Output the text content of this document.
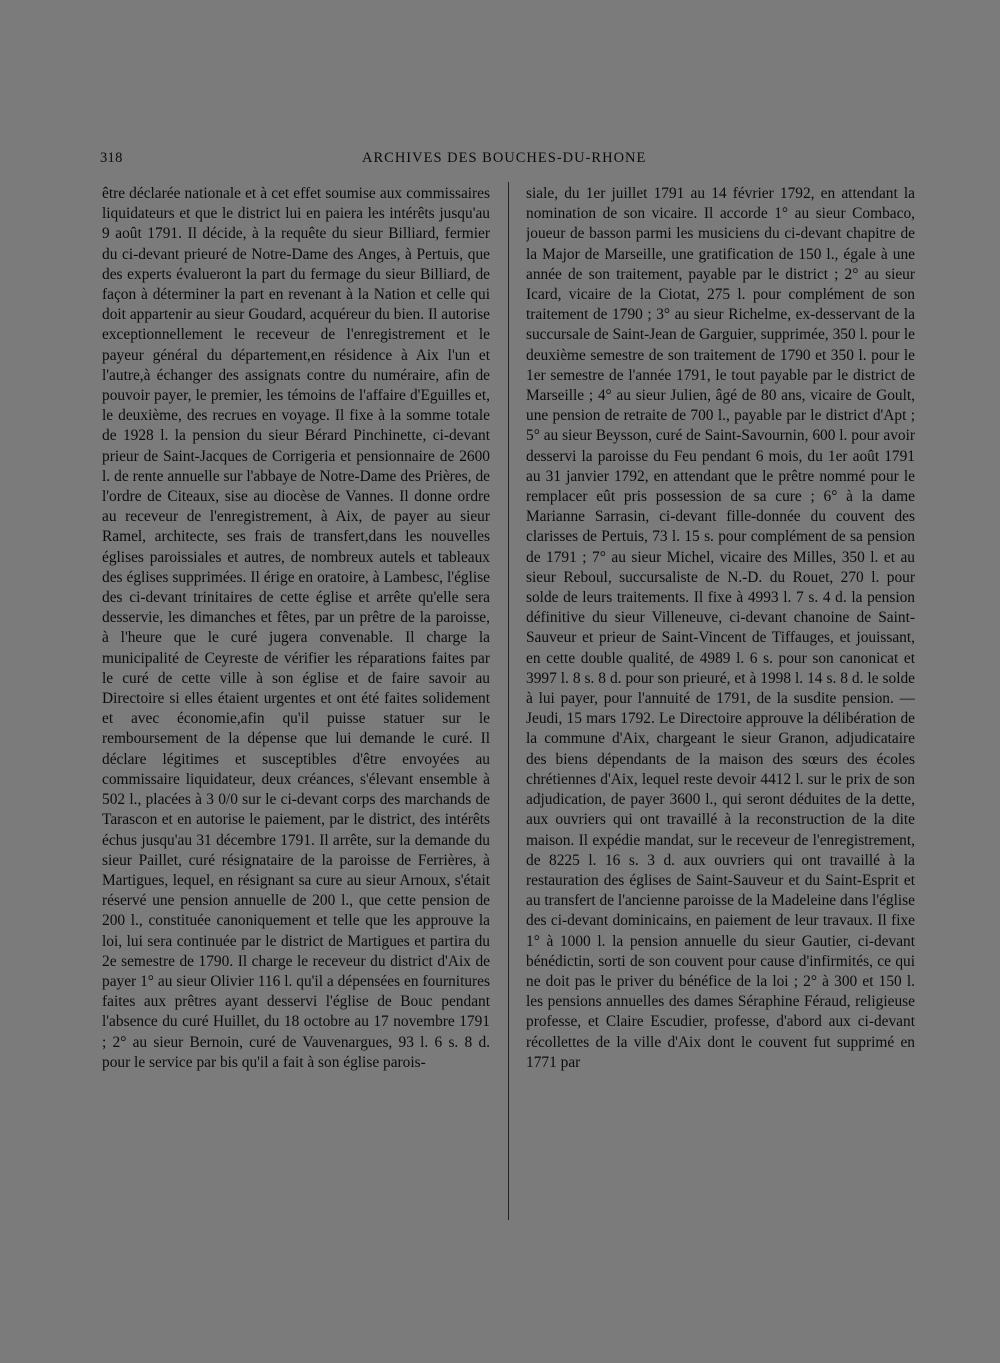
318	ARCHIVES DES BOUCHES-DU-RHONE

être déclarée nationale et à cet effet soumise aux commissaires liquidateurs et que le district lui en paiera les intérêts jusqu'au 9 août 1791. Il décide, à la requête du sieur Billiard, fermier du ci-devant prieuré de Notre-Dame des Anges, à Pertuis, que des experts évalueront la part du fermage du sieur Billiard, de façon à déterminer la part en revenant à la Nation et celle qui doit appartenir au sieur Goudard, acquéreur du bien. Il autorise exceptionnellement le receveur de l'enregistrement et le payeur général du département,en résidence à Aix l'un et l'autre,à échanger des assignats contre du numéraire, afin de pouvoir payer, le premier, les témoins de l'affaire d'Eguilles et, le deuxième, des recrues en voyage. Il fixe à la somme totale de 1928 l. la pension du sieur Bérard Pinchinette, ci-devant prieur de Saint-Jacques de Corrigeria et pensionnaire de 2600 l. de rente annuelle sur l'abbaye de Notre-Dame des Prières, de l'ordre de Citeaux, sise au diocèse de Vannes. Il donne ordre au receveur de l'enregistrement, à Aix, de payer au sieur Ramel, architecte, ses frais de transfert,dans les nouvelles églises paroissiales et autres, de nombreux autels et tableaux des églises supprimées. Il érige en oratoire, à Lambesc, l'église des ci-devant trinitaires de cette église et arrête qu'elle sera desservie, les dimanches et fêtes, par un prêtre de la paroisse, à l'heure que le curé jugera convenable. Il charge la municipalité de Ceyreste de vérifier les réparations faites par le curé de cette ville à son église et de faire savoir au Directoire si elles étaient urgentes et ont été faites solidement et avec économie,afin qu'il puisse statuer sur le remboursement de la dépense que lui demande le curé. Il déclare légitimes et susceptibles d'être envoyées au commissaire liquidateur, deux créances, s'élevant ensemble à 502 l., placées à 3 0/0 sur le ci-devant corps des marchands de Tarascon et en autorise le paiement, par le district, des intérêts échus jusqu'au 31 décembre 1791. Il arrête, sur la demande du sieur Paillet, curé résignataire de la paroisse de Ferrières, à Martigues, lequel, en résignant sa cure au sieur Arnoux, s'était réservé une pension annuelle de 200 l., que cette pension de 200 l., constituée canoniquement et telle que les approuve la loi, lui sera continuée par le district de Martigues et partira du 2e semestre de 1790. Il charge le receveur du district d'Aix de payer 1° au sieur Olivier 116 l. qu'il a dépensées en fournitures faites aux prêtres ayant desservi l'église de Bouc pendant l'absence du curé Huillet, du 18 octobre au 17 novembre 1791 ; 2° au sieur Bernoin, curé de Vauvenargues, 93 l. 6 s. 8 d. pour le service par bis qu'il a fait à son église parois-

siale, du 1er juillet 1791 au 14 février 1792, en attendant la nomination de son vicaire. Il accorde 1° au sieur Combaco, joueur de basson parmi les musiciens du ci-devant chapitre de la Major de Marseille, une gratification de 150 l., égale à une année de son traitement, payable par le district ; 2° au sieur Icard, vicaire de la Ciotat, 275 l. pour complément de son traitement de 1790 ; 3° au sieur Richelme, ex-desservant de la succursale de Saint-Jean de Garguier, supprimée, 350 l. pour le deuxième semestre de son traitement de 1790 et 350 l. pour le 1er semestre de l'année 1791, le tout payable par le district de Marseille ; 4° au sieur Julien, âgé de 80 ans, vicaire de Goult, une pension de retraite de 700 l., payable par le district d'Apt ; 5° au sieur Beysson, curé de Saint-Savournin, 600 l. pour avoir desservi la paroisse du Feu pendant 6 mois, du 1er août 1791 au 31 janvier 1792, en attendant que le prêtre nommé pour le remplacer eût pris possession de sa cure ; 6° à la dame Marianne Sarrasin, ci-devant fille-donnée du couvent des clarisses de Pertuis, 73 l. 15 s. pour complément de sa pension de 1791 ; 7° au sieur Michel, vicaire des Milles, 350 l. et au sieur Reboul, succursaliste de N.-D. du Rouet, 270 l. pour solde de leurs traitements. Il fixe à 4993 l. 7 s. 4 d. la pension définitive du sieur Villeneuve, ci-devant chanoine de Saint-Sauveur et prieur de Saint-Vincent de Tiffauges, et jouissant, en cette double qualité, de 4989 l. 6 s. pour son canonicat et 3997 l. 8 s. 8 d. pour son prieuré, et à 1998 l. 14 s. 8 d. le solde à lui payer, pour l'annuité de 1791, de la susdite pension. — Jeudi, 15 mars 1792. Le Directoire approuve la délibération de la commune d'Aix, chargeant le sieur Granon, adjudicataire des biens dépendants de la maison des sœurs des écoles chrétiennes d'Aix, lequel reste devoir 4412 l. sur le prix de son adjudication, de payer 3600 l., qui seront déduites de la dette, aux ouvriers qui ont travaillé à la reconstruction de la dite maison. Il expédie mandat, sur le receveur de l'enregistrement, de 8225 l. 16 s. 3 d. aux ouvriers qui ont travaillé à la restauration des églises de Saint-Sauveur et du Saint-Esprit et au transfert de l'ancienne paroisse de la Madeleine dans l'église des ci-devant dominicains, en paiement de leur travaux. Il fixe 1° à 1000 l. la pension annuelle du sieur Gautier, ci-devant bénédictin, sorti de son couvent pour cause d'infirmités, ce qui ne doit pas le priver du bénéfice de la loi ; 2° à 300 et 150 l. les pensions annuelles des dames Séraphine Féraud, religieuse professe, et Claire Escudier, professe, d'abord aux ci-devant récollettes de la ville d'Aix dont le couvent fut supprimé en 1771 par
